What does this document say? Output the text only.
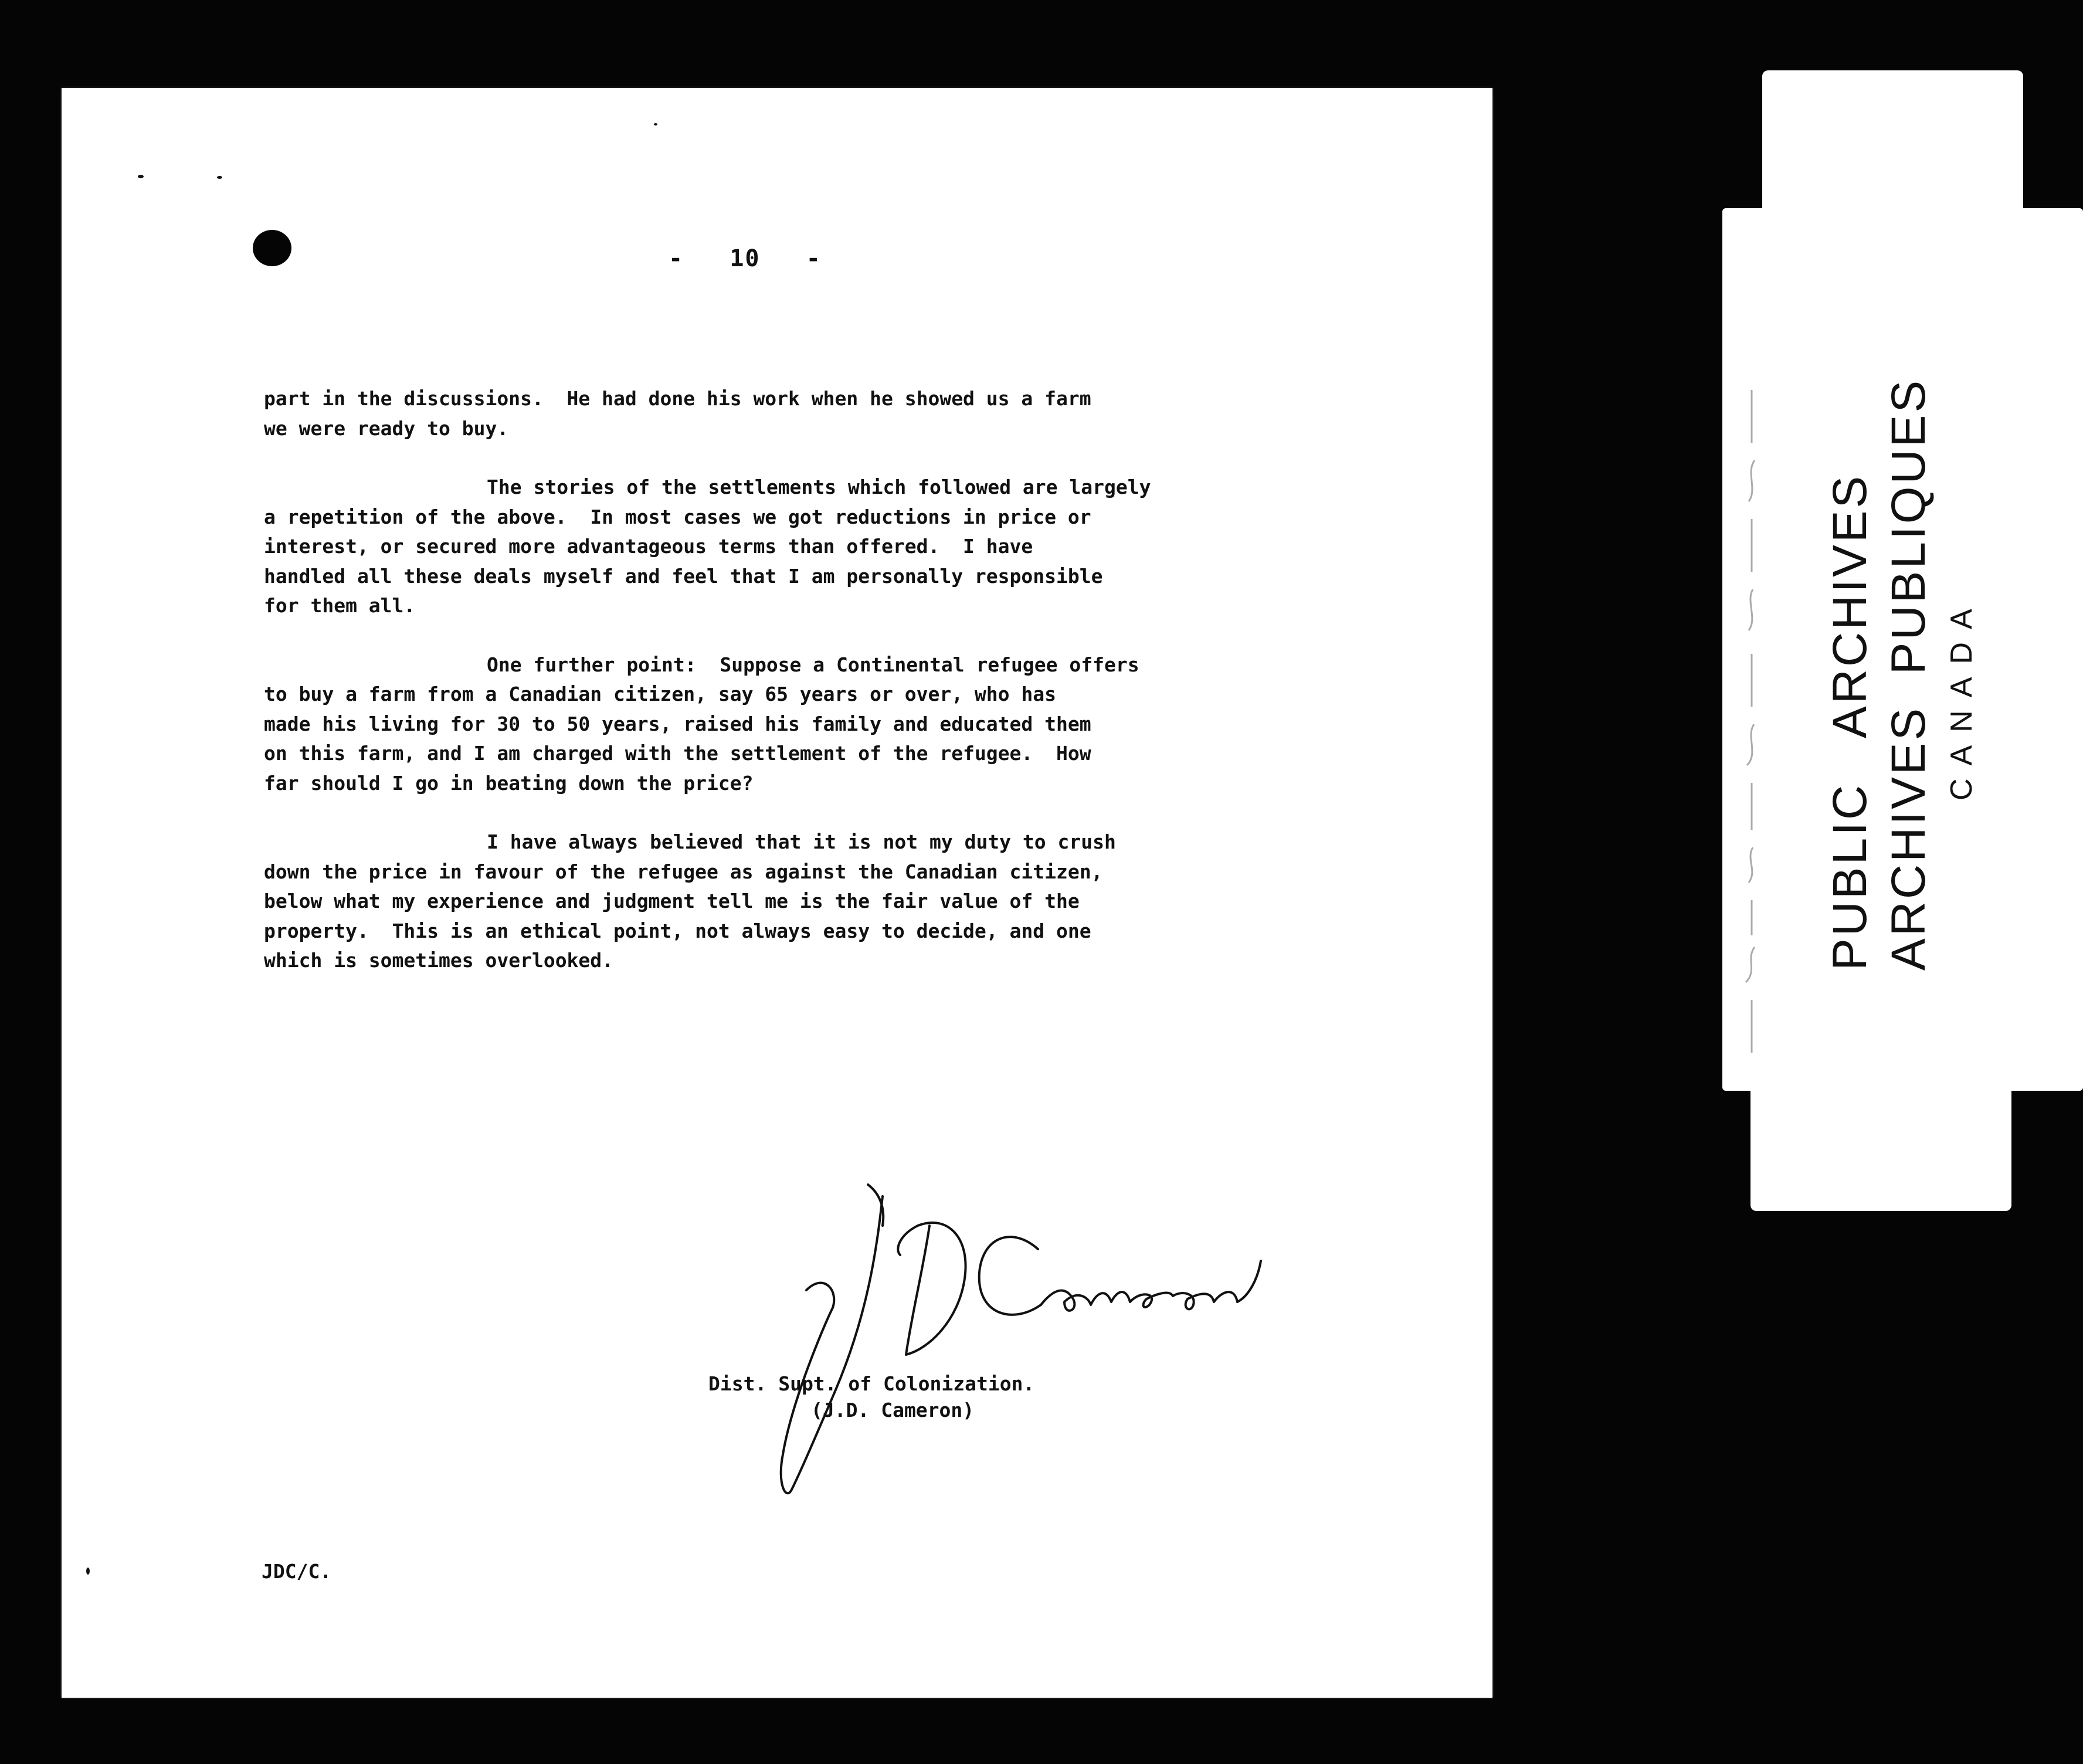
-   10   -

part in the discussions.  He had done his work when he showed us a farm
we were ready to buy.

The stories of the settlements which followed are largely
a repetition of the above.  In most cases we got reductions in price or
interest, or secured more advantageous terms than offered.  I have
handled all these deals myself and feel that I am personally responsible
for them all.

One further point:  Suppose a Continental refugee offers
to buy a farm from a Canadian citizen, say 65 years or over, who has
made his living for 30 to 50 years, raised his family and educated them
on this farm, and I am charged with the settlement of the refugee.  How
far should I go in beating down the price?

I have always believed that it is not my duty to crush
down the price in favour of the refugee as against the Canadian citizen,
below what my experience and judgment tell me is the fair value of the
property.  This is an ethical point, not always easy to decide, and one
which is sometimes overlooked.

Dist. Supt. of Colonization.
(J.D. Cameron)
JDC/C.
PUBLIC   ARCHIVES ARCHIVES  PUBLIQUES CANADA
